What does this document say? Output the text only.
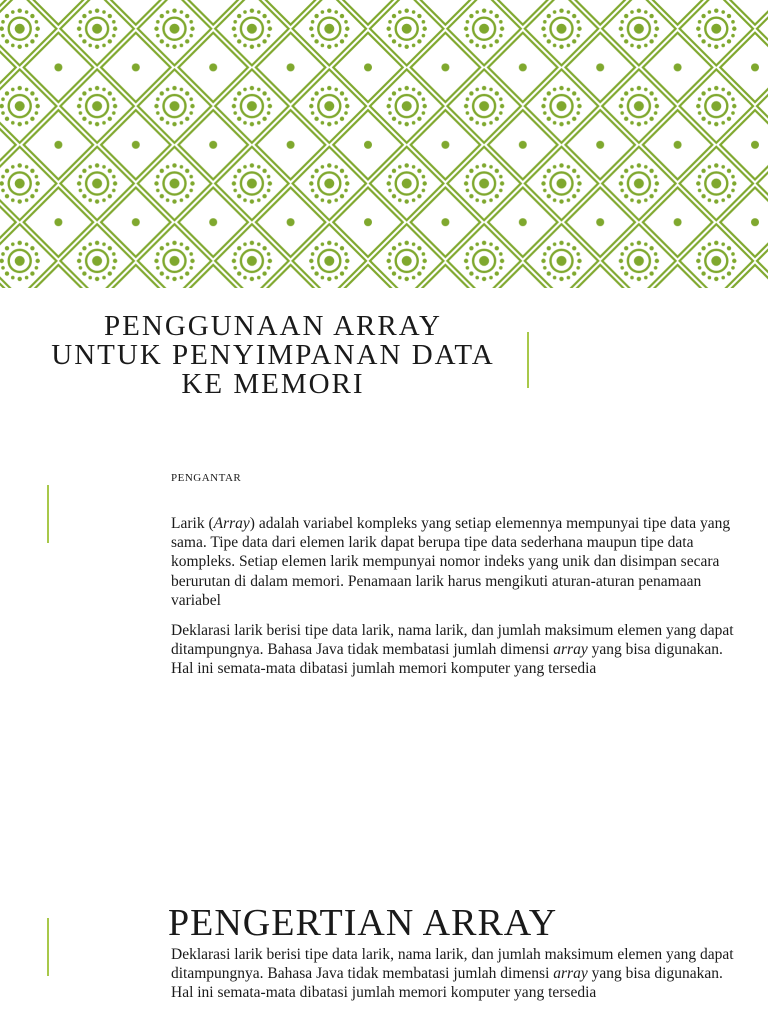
PENGGUNAAN ARRAY
UNTUK PENYIMPANAN DATA
KE MEMORI
PENGANTAR

Larik (Array) adalah variabel kompleks yang setiap elemennya mempunyai tipe data yang sama. Tipe data dari elemen larik dapat berupa tipe data sederhana maupun tipe data kompleks. Setiap elemen larik mempunyai nomor indeks yang unik dan disimpan secara berurutan di dalam memori. Penamaan larik harus mengikuti aturan-aturan penamaan variabel

Deklarasi larik berisi tipe data larik, nama larik, dan jumlah maksimum elemen yang dapat ditampungnya. Bahasa Java tidak membatasi jumlah dimensi array yang bisa digunakan. Hal ini semata-mata dibatasi jumlah memori komputer yang tersedia

PENGERTIAN ARRAY

Deklarasi larik berisi tipe data larik, nama larik, dan jumlah maksimum elemen yang dapat ditampungnya. Bahasa Java tidak membatasi jumlah dimensi array yang bisa digunakan. Hal ini semata-mata dibatasi jumlah memori komputer yang tersedia
